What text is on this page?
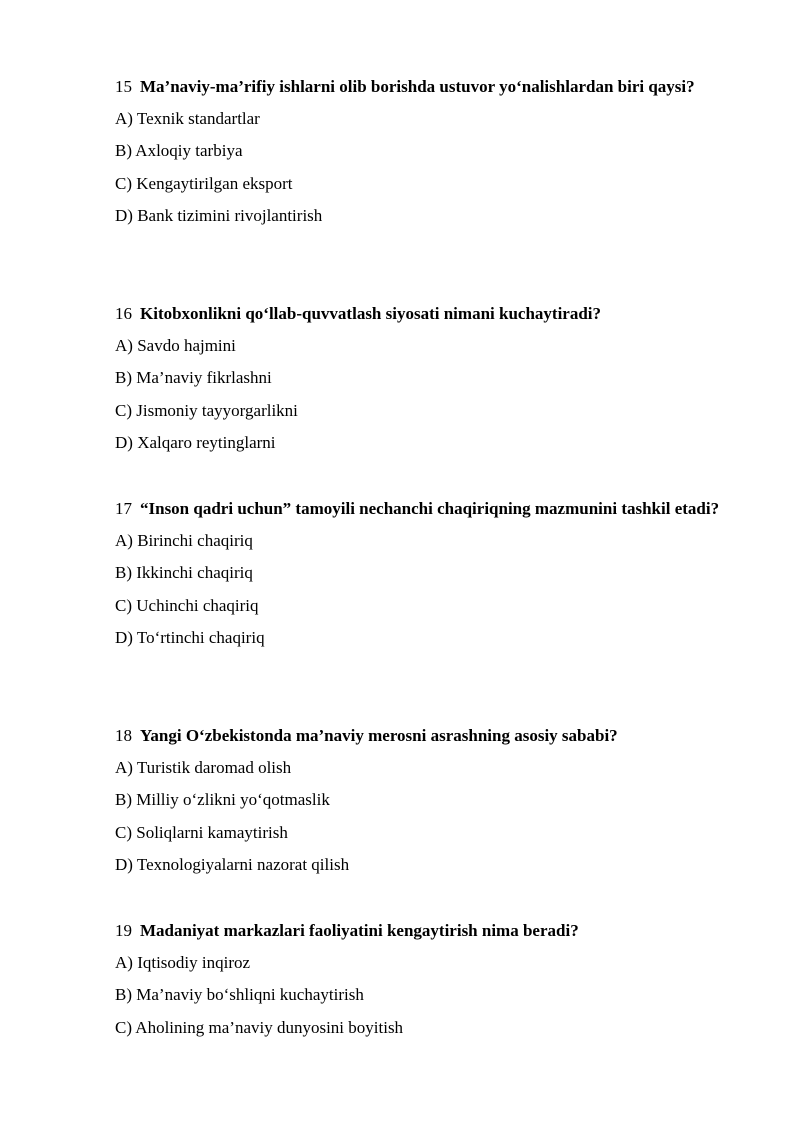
15 Ma’naviy-ma’rifiy ishlarni olib borishda ustuvor yo‘nalishlardan biri qaysi?

A) Texnik standartlar
B) Axloqiy tarbiya
C) Kengaytirilgan eksport
D) Bank tizimini rivojlantirish

16 Kitobxonlikni qo‘llab-quvvatlash siyosati nimani kuchaytiradi?

A) Savdo hajmini
B) Ma’naviy fikrlashni
C) Jismoniy tayyorgarlikni
D) Xalqaro reytinglarni

17 “Inson qadri uchun” tamoyili nechanchi chaqiriqning mazmunini tashkil etadi?

A) Birinchi chaqiriq
B) Ikkinchi chaqiriq
C) Uchinchi chaqiriq
D) To‘rtinchi chaqiriq

18 Yangi O‘zbekistonda ma’naviy merosni asrashning asosiy sababi?

A) Turistik daromad olish
B) Milliy o‘zlikni yo‘qotmaslik
C) Soliqlarni kamaytirish
D) Texnologiyalarni nazorat qilish

19 Madaniyat markazlari faoliyatini kengaytirish nima beradi?

A) Iqtisodiy inqiroz
B) Ma’naviy bo‘shliqni kuchaytirish
C) Aholining ma’naviy dunyosini boyitish
